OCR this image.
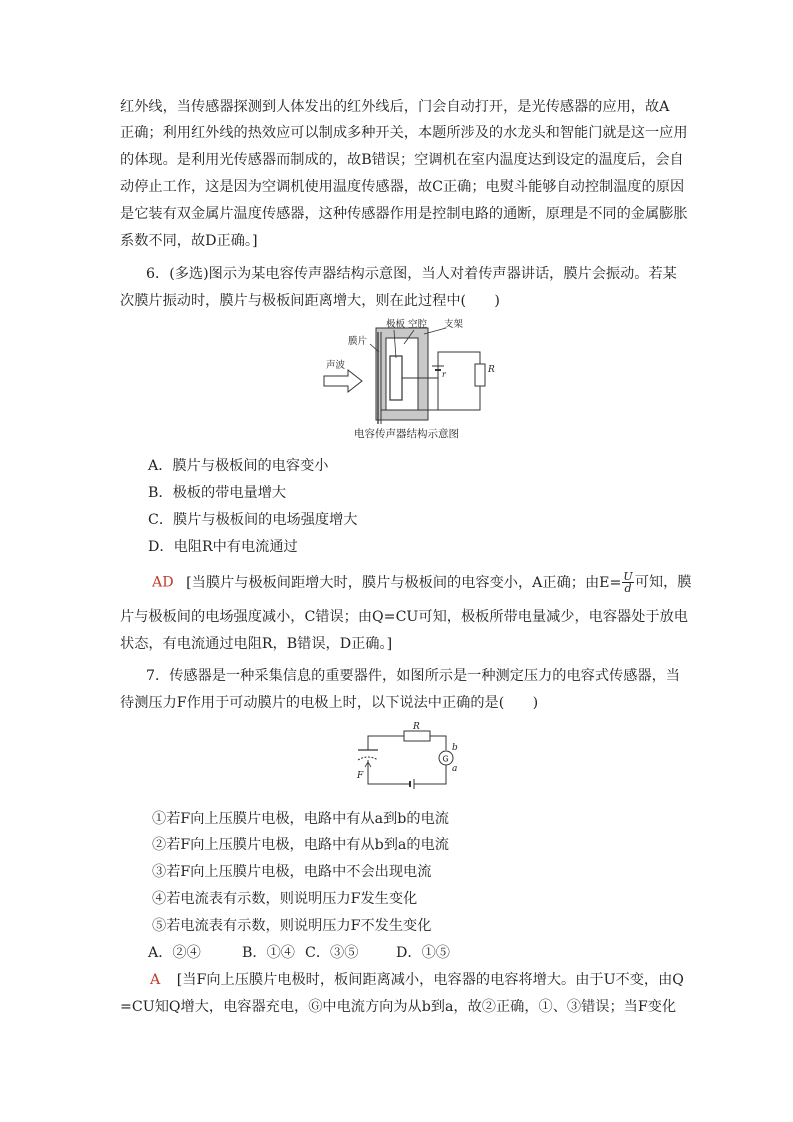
红外线，当传感器探测到人体发出的红外线后，门会自动打开，是光传感器的应用，故A
正确；利用红外线的热效应可以制成多种开关，本题所涉及的水龙头和智能门就是这一应用
的体现。是利用光传感器而制成的，故B错误；空调机在室内温度达到设定的温度后，会自
动停止工作，这是因为空调机使用温度传感器，故C正确；电熨斗能够自动控制温度的原因
是它装有双金属片温度传感器，这种传感器作用是控制电路的通断，原理是不同的金属膨胀
系数不同，故D正确。]
6．(多选)图示为某电容传声器结构示意图，当人对着传声器讲话，膜片会振动。若某
次膜片振动时，膜片与极板间距离增大，则在此过程中(　　)
极板 空腔 支架
膜片
声波
r	R
电容传声器结构示意图
A．膜片与极板间的电容变小
B．极板的带电量增大
C．膜片与极板间的电场强度增大
D．电阻R中有电流通过
AD [当膜片与极板间距增大时，膜片与极板间的电容变小，A正确；由$E= \frac{U}{d}$ 可知，膜
片与极板间的电场强度减小，C错误；由Q=CU可知，极板所带电量减少，电容器处于放电
状态，有电流通过电阻R，B错误，D正确。]
7．传感器是一种采集信息的重要器件，如图所示是一种测定压力的电容式传感器，当
待测压力F作用于可动膜片的电极上时，以下说法中正确的是(　　)
G
R
b
a
F
①若F向上压膜片电极，电路中有从a到b的电流
②若F向上压膜片电极，电路中有从b到a的电流
③若F向上压膜片电极，电路中不会出现电流
④若电流表有示数，则说明压力F发生变化
⑤若电流表有示数，则说明压力F不发生变化
A．②④	B．①④ C．③⑤	D．①⑤
A [当F向上压膜片电极时，板间距离减小，电容器的电容将增大。由于U不变，由Q
=CU知Q增大，电容器充电，Ⓖ中电流方向为从b到a，故②正确，①、③错误；当F变化
